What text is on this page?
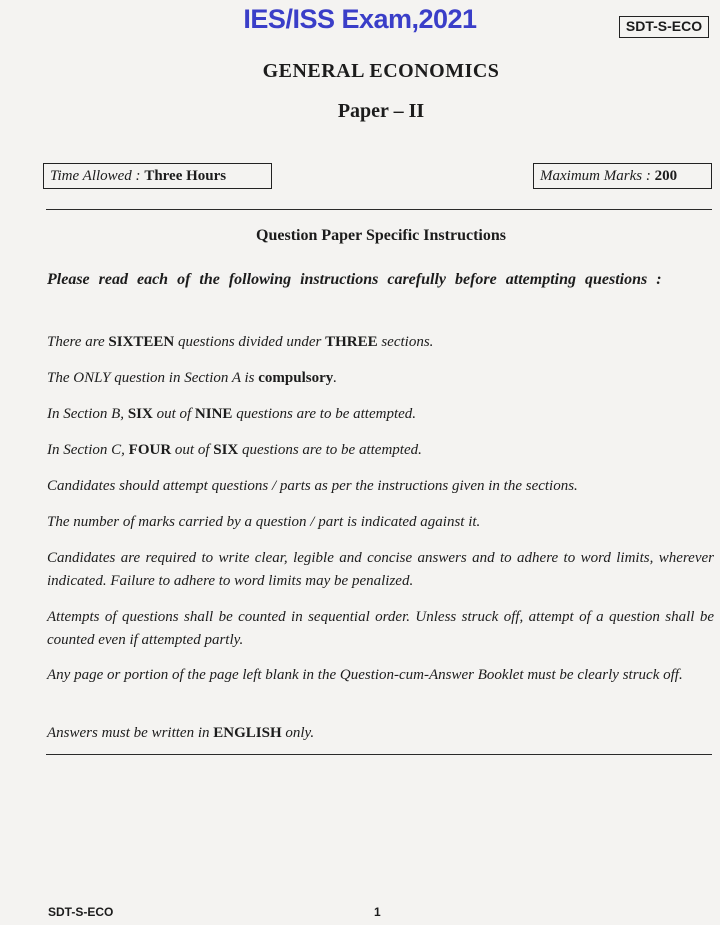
IES/ISS Exam,2021	SDT-S-ECO
GENERAL ECONOMICS
Paper – II
Time Allowed : Three Hours	Maximum Marks : 200
Question Paper Specific Instructions
Please read each of the following instructions carefully before attempting questions :
There are SIXTEEN questions divided under THREE sections.
The ONLY question in Section A is compulsory.
In Section B, SIX out of NINE questions are to be attempted.
In Section C, FOUR out of SIX questions are to be attempted.
Candidates should attempt questions / parts as per the instructions given in the sections.
The number of marks carried by a question / part is indicated against it.
Candidates are required to write clear, legible and concise answers and to adhere to word limits, wherever indicated. Failure to adhere to word limits may be penalized.
Attempts of questions shall be counted in sequential order. Unless struck off, attempt of a question shall be counted even if attempted partly.
Any page or portion of the page left blank in the Question-cum-Answer Booklet must be clearly struck off.
Answers must be written in ENGLISH only.
SDT-S-ECO	1
